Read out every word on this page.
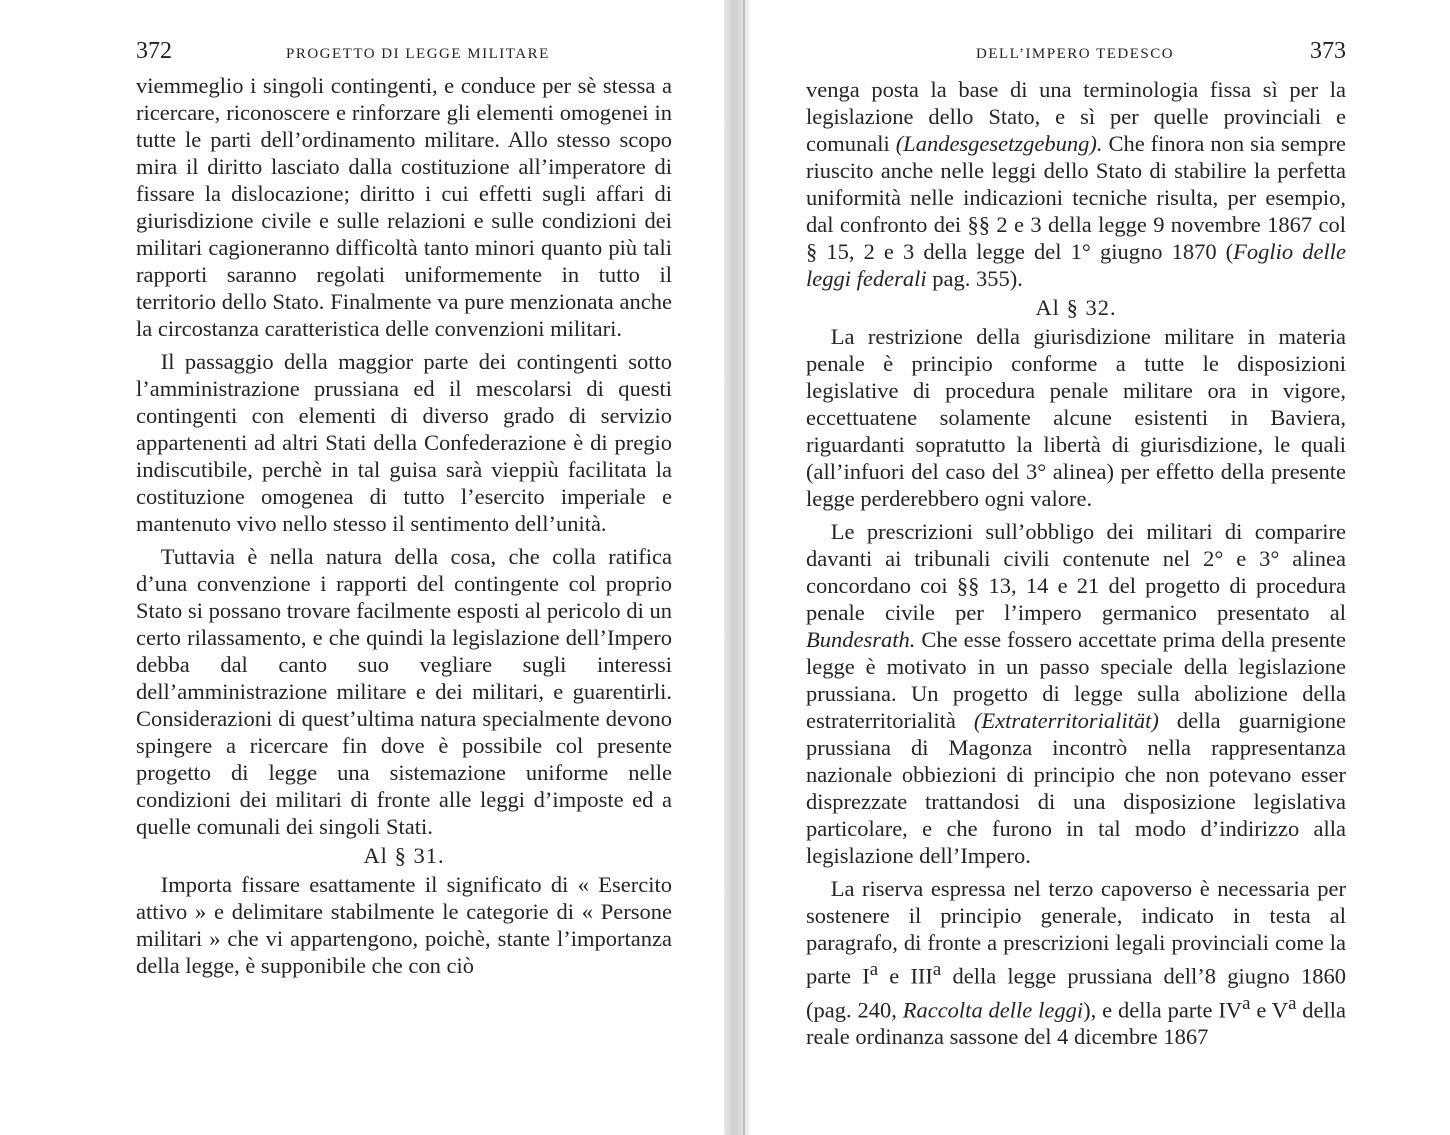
372	PROGETTO DI LEGGE MILITARE

viemmeglio i singoli contingenti, e conduce per sè stessa a ricercare, riconoscere e rinforzare gli elementi omogenei in tutte le parti dell’ordinamento militare. Allo stesso scopo mira il diritto lasciato dalla costituzione all’imperatore di fissare la dislocazione; diritto i cui effetti sugli affari di giurisdizione civile e sulle relazioni e sulle condizioni dei militari cagioneranno difficoltà tanto minori quanto più tali rapporti saranno regolati uniformemente in tutto il territorio dello Stato. Finalmente va pure menzionata anche la circostanza caratteristica delle convenzioni militari.

Il passaggio della maggior parte dei contingenti sotto l’amministrazione prussiana ed il mescolarsi di questi contingenti con elementi di diverso grado di servizio appartenenti ad altri Stati della Confederazione è di pregio indiscutibile, perchè in tal guisa sarà vieppiù facilitata la costituzione omogenea di tutto l’esercito imperiale e mantenuto vivo nello stesso il sentimento dell’unità.

Tuttavia è nella natura della cosa, che colla ratifica d’una convenzione i rapporti del contingente col proprio Stato si possano trovare facilmente esposti al pericolo di un certo rilassamento, e che quindi la legislazione dell’Impero debba dal canto suo vegliare sugli interessi dell’amministrazione militare e dei militari, e guarentirli. Considerazioni di quest’ultima natura specialmente devono spingere a ricercare fin dove è possibile col presente progetto di legge una sistemazione uniforme nelle condizioni dei militari di fronte alle leggi d’imposte ed a quelle comunali dei singoli Stati.

Al § 31.

Importa fissare esattamente il significato di « Esercito attivo » e delimitare stabilmente le categorie di « Persone militari » che vi appartengono, poichè, stante l’importanza della legge, è supponibile che con ciò

DELL’IMPERO TEDESCO	373

venga posta la base di una terminologia fissa sì per la legislazione dello Stato, e sì per quelle provinciali e comunali (Landesgesetzgebung). Che finora non sia sempre riuscito anche nelle leggi dello Stato di stabilire la perfetta uniformità nelle indicazioni tecniche risulta, per esempio, dal confronto dei §§ 2 e 3 della legge 9 novembre 1867 col § 15, 2 e 3 della legge del 1° giugno 1870 (Foglio delle leggi federali pag. 355).

Al § 32.

La restrizione della giurisdizione militare in materia penale è principio conforme a tutte le disposizioni legislative di procedura penale militare ora in vigore, eccettuatene solamente alcune esistenti in Baviera, riguardanti sopratutto la libertà di giurisdizione, le quali (all’infuori del caso del 3° alinea) per effetto della presente legge perderebbero ogni valore.

Le prescrizioni sull’obbligo dei militari di comparire davanti ai tribunali civili contenute nel 2° e 3° alinea concordano coi §§ 13, 14 e 21 del progetto di procedura penale civile per l’impero germanico presentato al Bundesrath. Che esse fossero accettate prima della presente legge è motivato in un passo speciale della legislazione prussiana. Un progetto di legge sulla abolizione della estraterritorialità (Extraterritorialität) della guarnigione prussiana di Magonza incontrò nella rappresentanza nazionale obbiezioni di principio che non potevano esser disprezzate trattandosi di una disposizione legislativa particolare, e che furono in tal modo d’indirizzo alla legislazione dell’Impero.

La riserva espressa nel terzo capoverso è necessaria per sostenere il principio generale, indicato in testa al paragrafo, di fronte a prescrizioni legali provinciali come la parte $I^a$ e III$^a$ della legge prussiana dell’8 giugno 1860 (pag. 240, Raccolta delle leggi), e della parte $IV^a$ e $V^a$ della reale ordinanza sassone del 4 dicembre 1867
